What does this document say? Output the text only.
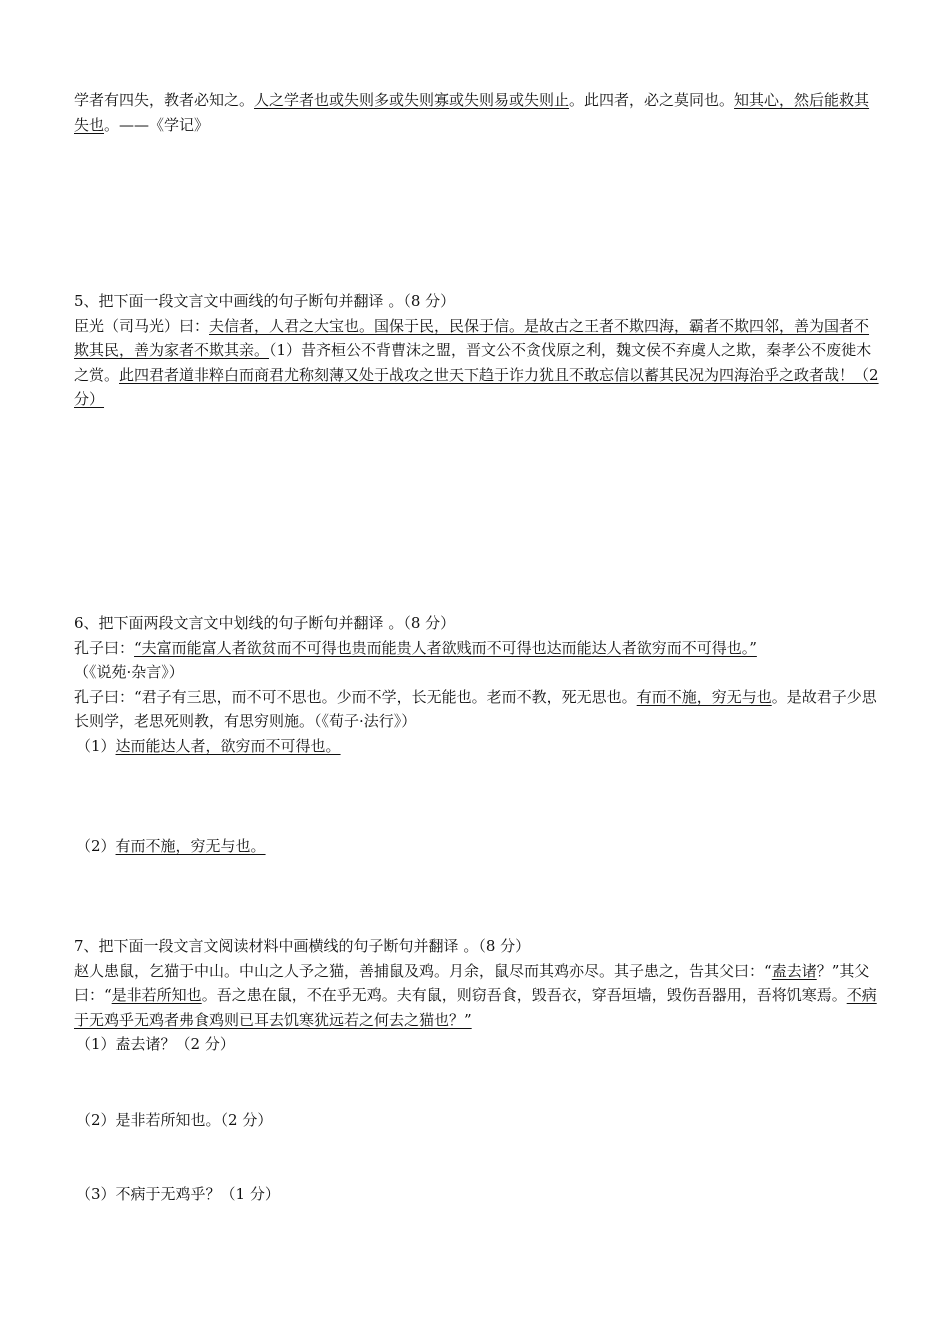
学者有四失，教者必知之。人之学者也或失则多或失则寡或失则易或失则止。此四者，必之莫同也。知其心，然后能救其失也。——《学记》

5、把下面一段文言文中画线的句子断句并翻译 。（8 分）

臣光（司马光）曰：夫信者，人君之大宝也。国保于民，民保于信。是故古之王者不欺四海，霸者不欺四邻，善为国者不欺其民，善为家者不欺其亲。（1）昔齐桓公不背曹沫之盟，晋文公不贪伐原之利，魏文侯不弃虞人之欺，秦孝公不废徙木之赏。此四君者道非粹白而商君尤称刻薄又处于战攻之世天下趋于诈力犹且不敢忘信以蓄其民况为四海治乎之政者哉！（2 分）

6、把下面两段文言文中划线的句子断句并翻译 。（8 分）

孔子曰：“夫富而能富人者欲贫而不可得也贵而能贵人者欲贱而不可得也达而能达人者欲穷而不可得也。”

（《说苑·杂言》）

孔子曰：“君子有三思，而不可不思也。少而不学，长无能也。老而不教，死无思也。有而不施，穷无与也。是故君子少思长则学，老思死则教，有思穷则施。（《荀子·法行》）

（1）达而能达人者，欲穷而不可得也。

（2）有而不施，穷无与也。

7、把下面一段文言文阅读材料中画横线的句子断句并翻译 。（8 分）

赵人患鼠，乞猫于中山。中山之人予之猫，善捕鼠及鸡。月余，鼠尽而其鸡亦尽。其子患之，告其父曰：“盍去诸？”其父曰：“是非若所知也。吾之患在鼠，不在乎无鸡。夫有鼠，则窃吾食，毁吾衣，穿吾垣墙，毁伤吾器用，吾将饥寒焉。不病于无鸡乎无鸡者弗食鸡则已耳去饥寒犹远若之何去之猫也？”

（1）盍去诸？（2 分）

（2）是非若所知也。（2 分）

（3）不病于无鸡乎？（1 分）
